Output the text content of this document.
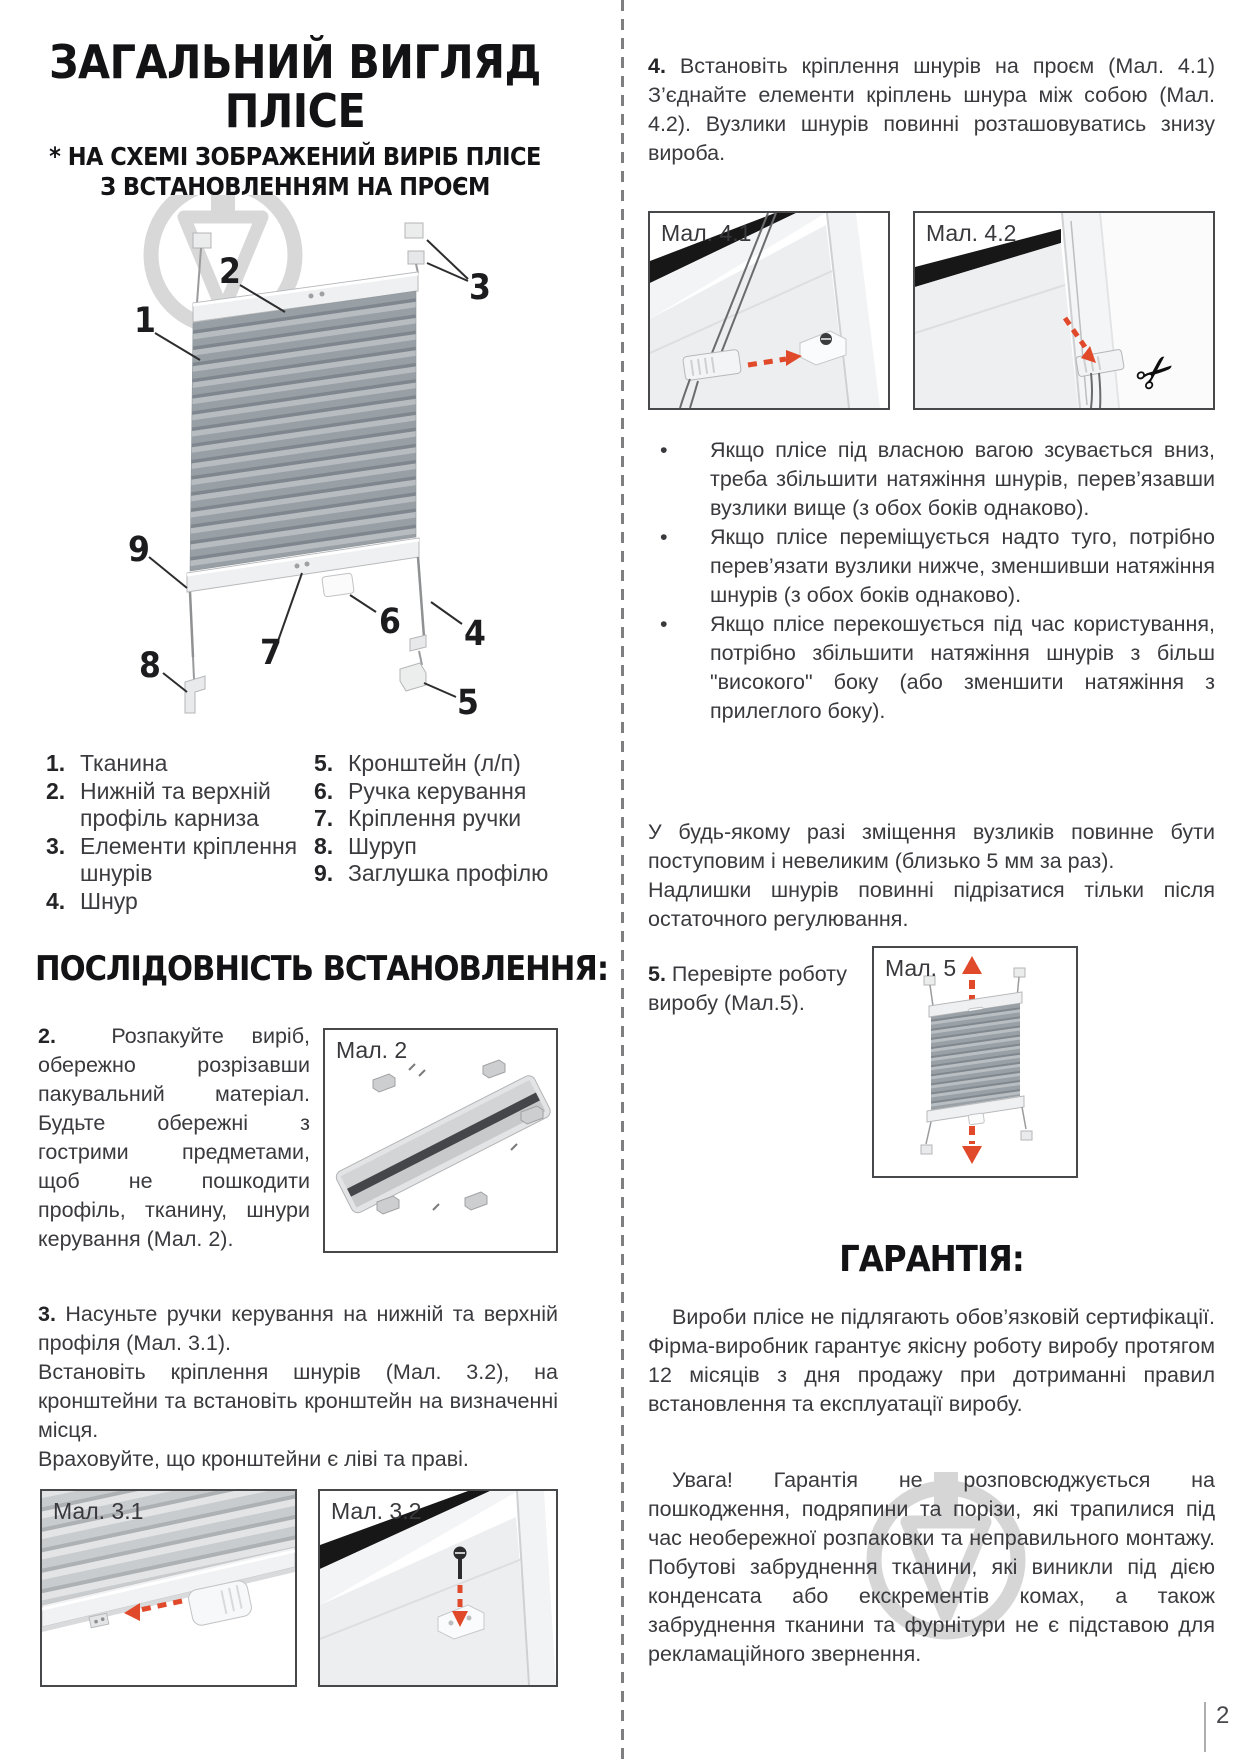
ЗАГАЛЬНИЙ ВИГЛЯД
ПЛІСЕ
* НА СХЕМІ ЗОБРАЖЕНИЙ ВИРІБ ПЛІСЕ
З ВСТАНОВЛЕННЯМ НА ПРОЄМ
1
2	3
4
5
6
7
8
9
1. Тканина
2. Нижній та верхній профіль карниза
3. Елементи кріплення шнурів
4. Шнур
5. Кронштейн (л/п)
6. Ручка керування
7. Кріплення ручки
8. Шуруп
9. Заглушка профілю
ПОСЛІДОВНІСТЬ ВСТАНОВЛЕННЯ:
2.	Розпакуйте виріб, обережно розрізавши пакувальний матеріал. Будьте обережні з гострими предметами, щоб не пошкодити профіль, тканину, шнури керування (Мал. 2).
Мал. 2
3. Насуньте ручки керування на нижній та верхній профіля (Мал. 3.1).
Встановіть кріплення шнурів (Мал. 3.2), на кронштейни та встановіть кронштейн на визначенні місця.
Враховуйте, що кронштейни є ліві та праві.
Мал. 3.1	Мал. 3.2
4. Встановіть кріплення шнурів на проєм (Мал. 4.1) З’єднайте елементи кріплень шнура між собою (Мал. 4.2). Вузлики шнурів повинні розташовуватись знизу вироба.
Мал. 4.1	Мал. 4.2
✂
• Якщо плісе під власною вагою зсувається вниз, треба збільшити натяжіння шнурів, перев’язавши вузлики вище (з обох боків однаково).
• Якщо плісе переміщується надто туго, потрібно перев’язати вузлики нижче, зменшивши натяжіння шнурів (з обох боків однаково).
• Якщо плісе перекошується під час користування, потрібно збільшити натяжіння шнурів з більш "високого" боку (або зменшити натяжіння з прилеглого боку).
У будь-якому разі зміщення вузликів повинне бути поступовим і невеликим (близько 5 мм за раз).
Надлишки шнурів повинні підрізатися тільки після остаточного регулювання.
5. Перевірте роботу виробу (Мал.5).
Мал. 5
ГАРАНТІЯ:
Вироби плісе не підлягають обов’язковій сертифікації. Фірма-виробник гарантує якісну роботу виробу протягом 12 місяців з дня продажу при дотриманні правил встановлення та експлуатації виробу.
Увага! Гарантія не розповсюджується на пошкодження, подряпини та порізи, які трапилися під час необережної розпаковки та неправильного монтажу. Побутові забруднення тканини, які виникли під дією конденсата або екскрементів комах, а також забруднення тканини та фурнітури не є підставою для рекламаційного звернення.
2
